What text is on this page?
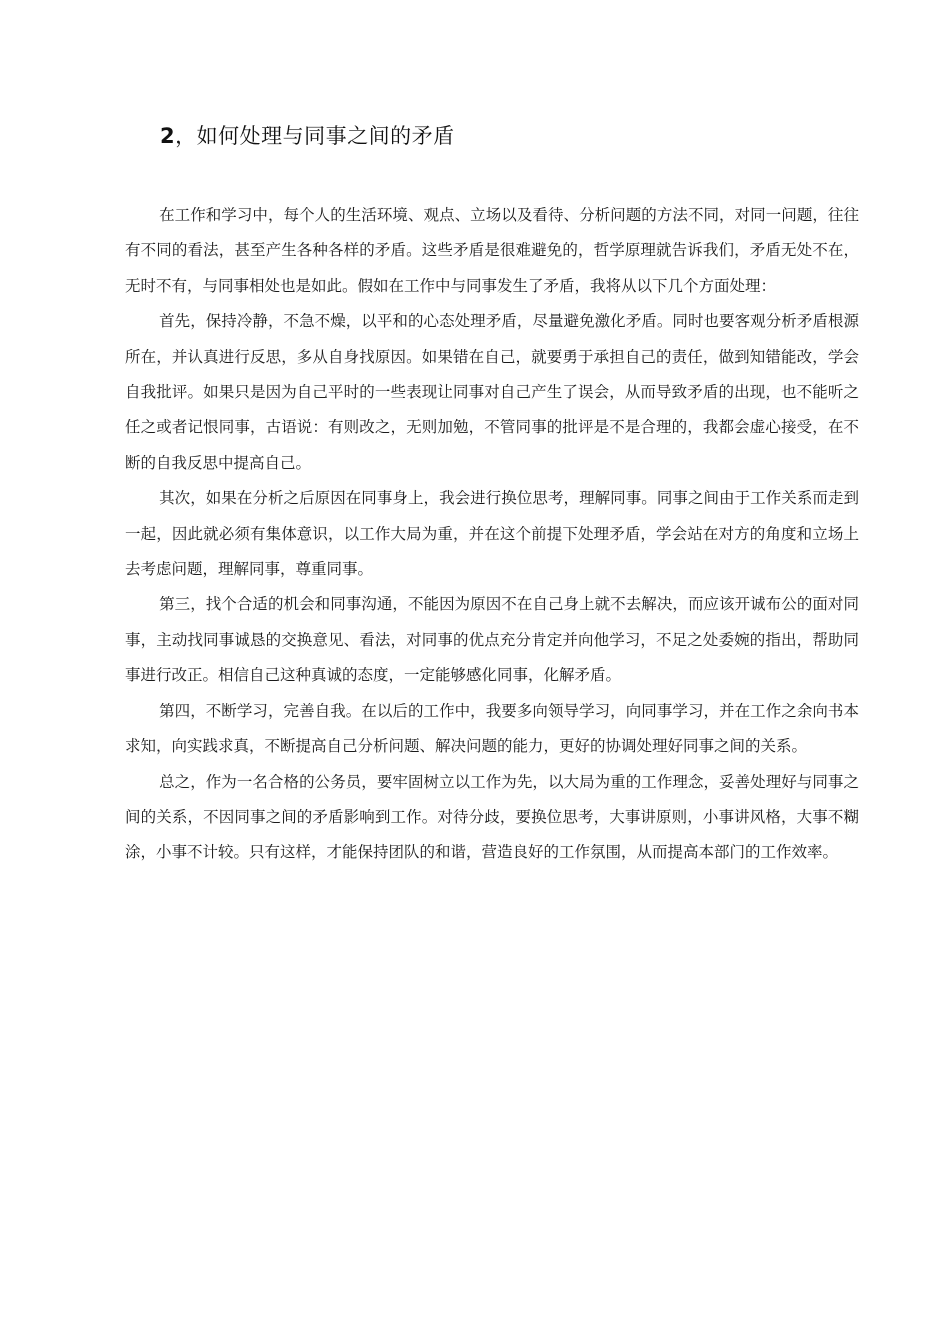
2，如何处理与同事之间的矛盾

在工作和学习中，每个人的生活环境、观点、立场以及看待、分析问题的方法不同，对同一问题，往往有不同的看法，甚至产生各种各样的矛盾。这些矛盾是很难避免的，哲学原理就告诉我们，矛盾无处不在，无时不有，与同事相处也是如此。假如在工作中与同事发生了矛盾，我将从以下几个方面处理：

首先，保持冷静，不急不燥，以平和的心态处理矛盾，尽量避免激化矛盾。同时也要客观分析矛盾根源所在，并认真进行反思，多从自身找原因。如果错在自己，就要勇于承担自己的责任，做到知错能改，学会自我批评。如果只是因为自己平时的一些表现让同事对自己产生了误会，从而导致矛盾的出现，也不能听之任之或者记恨同事，古语说：有则改之，无则加勉，不管同事的批评是不是合理的，我都会虚心接受，在不断的自我反思中提高自己。

其次，如果在分析之后原因在同事身上，我会进行换位思考，理解同事。同事之间由于工作关系而走到一起，因此就必须有集体意识，以工作大局为重，并在这个前提下处理矛盾，学会站在对方的角度和立场上去考虑问题，理解同事，尊重同事。

第三，找个合适的机会和同事沟通，不能因为原因不在自己身上就不去解决，而应该开诚布公的面对同事，主动找同事诚恳的交换意见、看法，对同事的优点充分肯定并向他学习，不足之处委婉的指出，帮助同事进行改正。相信自己这种真诚的态度，一定能够感化同事，化解矛盾。

第四，不断学习，完善自我。在以后的工作中，我要多向领导学习，向同事学习，并在工作之余向书本求知，向实践求真，不断提高自己分析问题、解决问题的能力，更好的协调处理好同事之间的关系。

总之，作为一名合格的公务员，要牢固树立以工作为先，以大局为重的工作理念，妥善处理好与同事之间的关系，不因同事之间的矛盾影响到工作。对待分歧，要换位思考，大事讲原则，小事讲风格，大事不糊涂，小事不计较。只有这样，才能保持团队的和谐，营造良好的工作氛围，从而提高本部门的工作效率。
